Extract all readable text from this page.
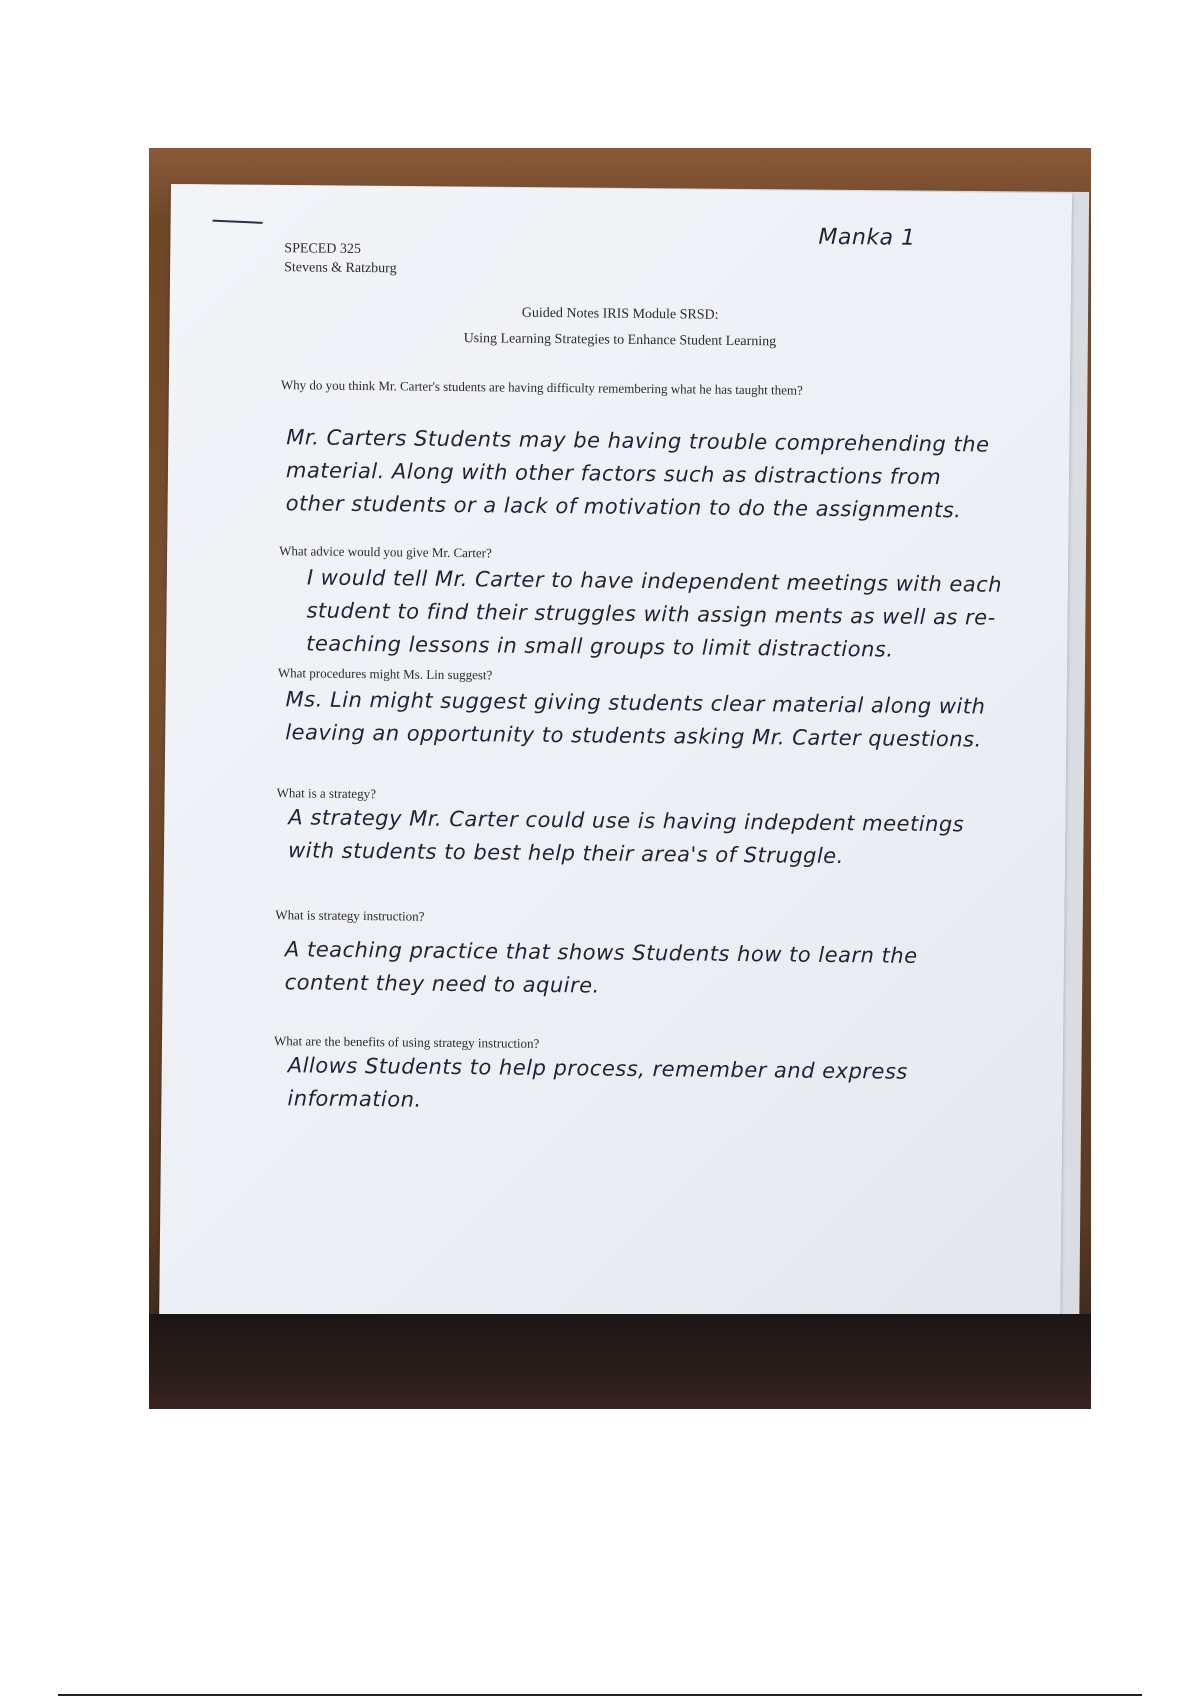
SPECED 325
Stevens & Ratzburg
Manka 1
Guided Notes IRIS Module SRSD:
Using Learning Strategies to Enhance Student Learning
Why do you think Mr. Carter's students are having difficulty remembering what he has taught them?
Mr. Carters Students may be having trouble comprehending the material. Along with other factors such as distractions from other students or a lack of motivation to do the assignments.
What advice would you give Mr. Carter?
I would tell Mr. Carter to have independent meetings with each student to find their struggles with assign ments as well as re-teaching lessons in small groups to limit distractions.
What procedures might Ms. Lin suggest?
Ms. Lin might suggest giving students clear material along with leaving an opportunity to students asking Mr. Carter questions.
What is a strategy?
A strategy Mr. Carter could use is having indepdent meetings with students to best help their area's of Struggle.
What is strategy instruction?
A teaching practice that shows Students how to learn the content they need to aquire.
What are the benefits of using strategy instruction?
Allows Students to help process, remember and express information.
